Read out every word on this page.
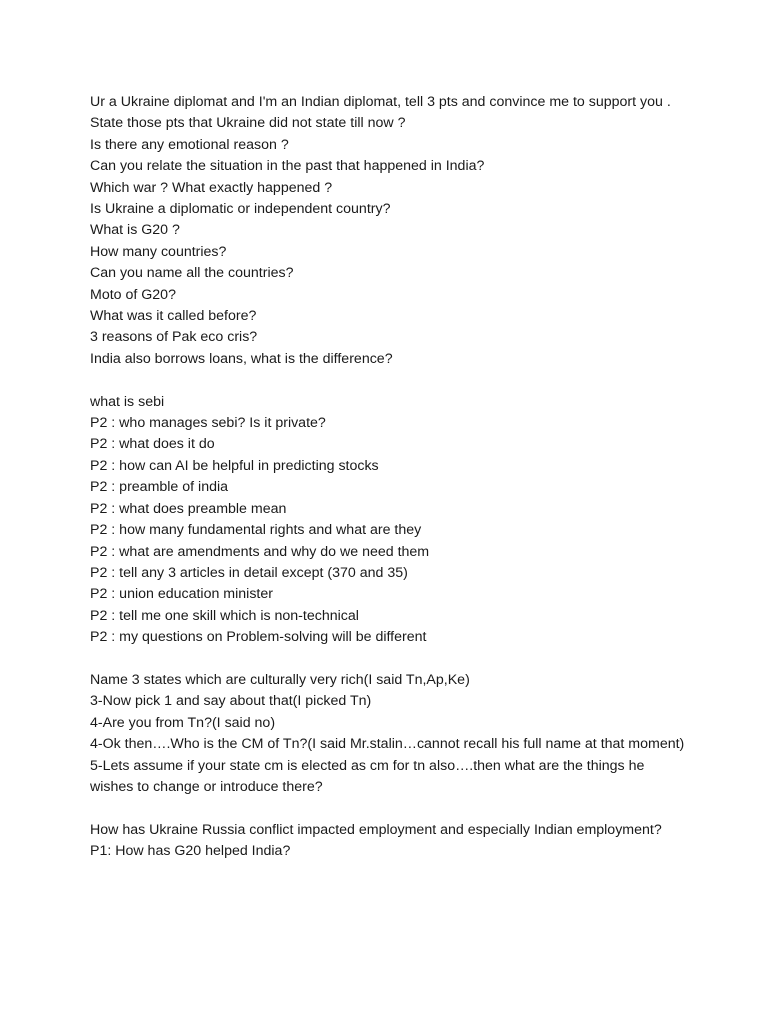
Ur a Ukraine diplomat and I'm an Indian diplomat, tell 3 pts and convince me to support you .
State those pts that Ukraine did not state till now ?
Is there any emotional reason ?
Can you relate the situation in the past that happened in India?
Which war ? What exactly happened ?
Is Ukraine a diplomatic or independent country?
What is G20 ?
How many countries?
Can you name all the countries?
Moto of G20?
What was it called before?
3 reasons of Pak eco cris?
India also borrows loans, what is the difference?
what is sebi
P2 : who manages sebi? Is it private?
P2 : what does it do
P2 : how can AI be helpful in predicting stocks
P2 : preamble of india
P2 : what does preamble mean
P2 : how many fundamental rights and what are they
P2 : what are amendments and why do we need them
P2 : tell any 3 articles in detail except (370 and 35)
P2 : union education minister
P2 : tell me one skill which is non-technical
P2 : my questions on Problem-solving will be different
Name 3 states which are culturally very rich(I said Tn,Ap,Ke)
3-Now pick 1 and say about that(I picked Tn)
4-Are you from Tn?(I said no)
4-Ok then….Who is the CM of Tn?(I said Mr.stalin…cannot recall his full name at that moment)
5-Lets assume if your state cm is elected as cm for tn also….then what are the things he wishes to change or introduce there?
How has Ukraine Russia conflict impacted employment and especially Indian employment?
P1: How has G20 helped India?
